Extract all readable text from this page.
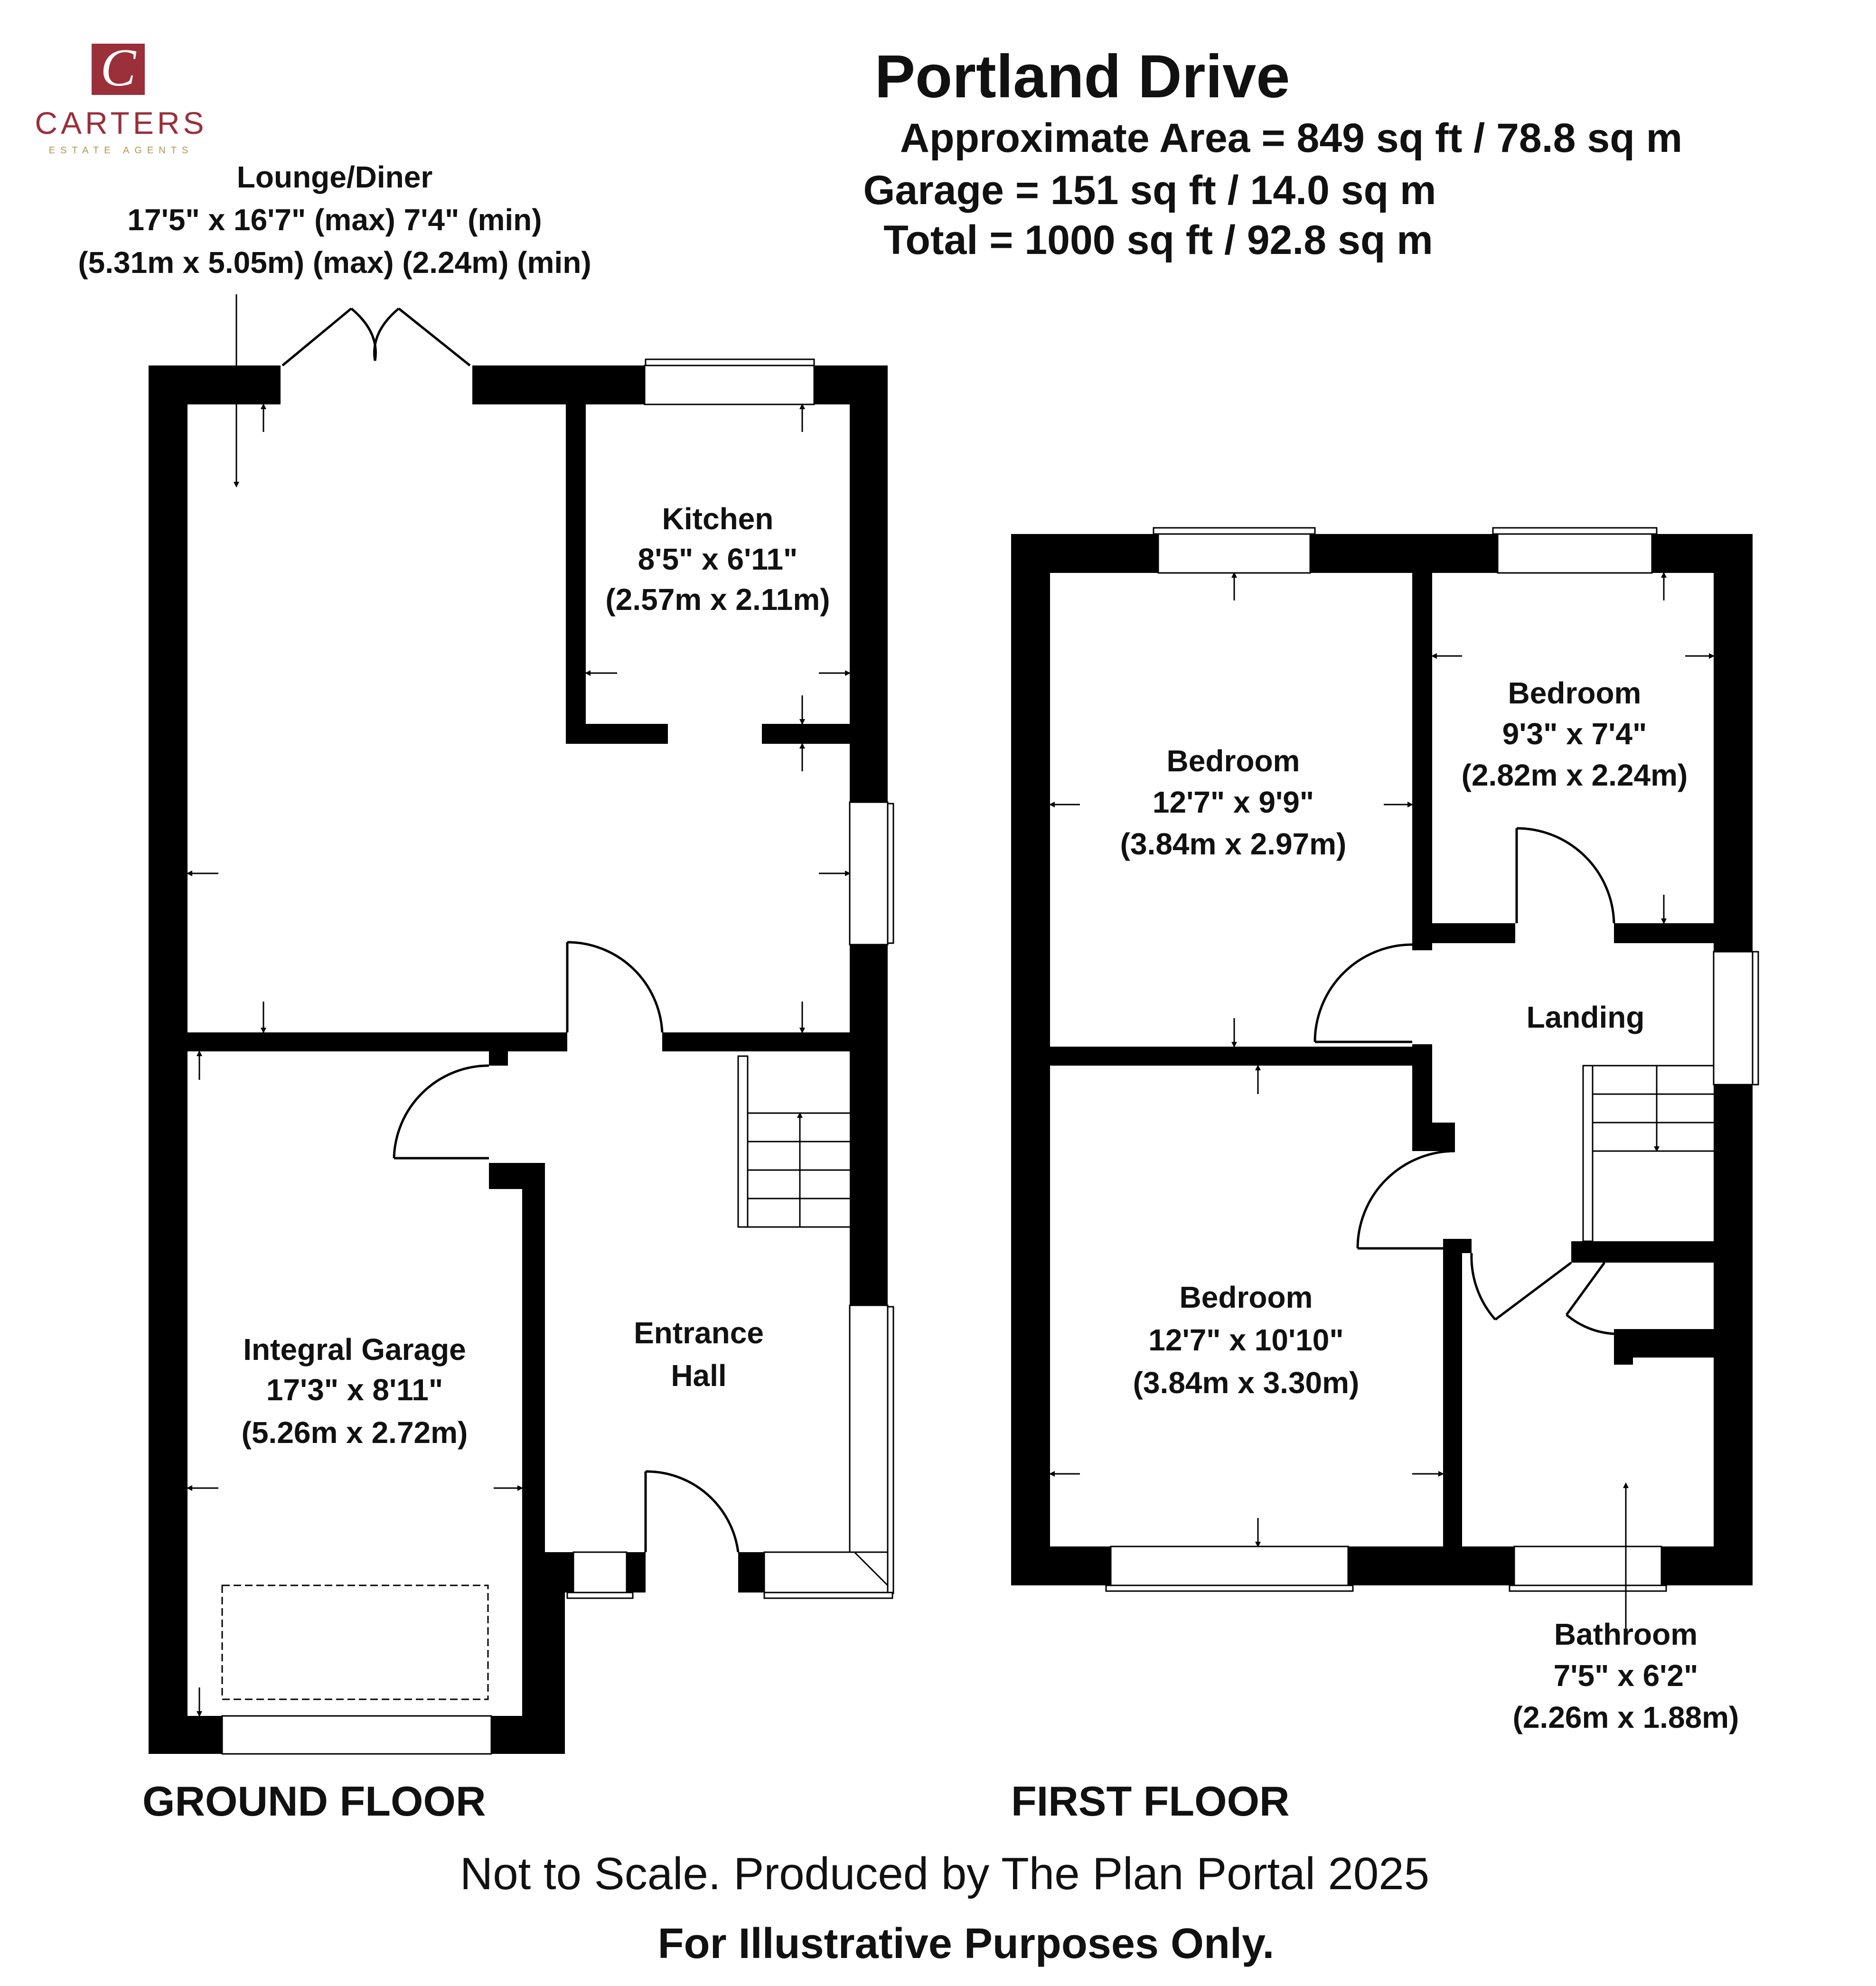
C
CARTERS
ESTATE AGENTS
Portland Drive
Approximate Area = 849 sq ft / 78.8 sq m
Garage = 151 sq ft / 14.0 sq m
Total = 1000 sq ft / 92.8 sq m
Lounge/Diner
17'5" x 16'7" (max) 7'4" (min)
(5.31m x 5.05m) (max) (2.24m) (min)
Kitchen
8'5" x 6'11"
(2.57m x 2.11m)
Integral Garage
17'3" x 8'11"
(5.26m x 2.72m)
Entrance
Hall
Bedroom
12'7" x 9'9"
(3.84m x 2.97m)
Bedroom
9'3" x 7'4"
(2.82m x 2.24m)
Landing
Bedroom
12'7" x 10'10"
(3.84m x 3.30m)
Bathroom
7'5" x 6'2"
(2.26m x 1.88m)
GROUND FLOOR	FIRST FLOOR
Not to Scale. Produced by The Plan Portal 2025
For Illustrative Purposes Only.
